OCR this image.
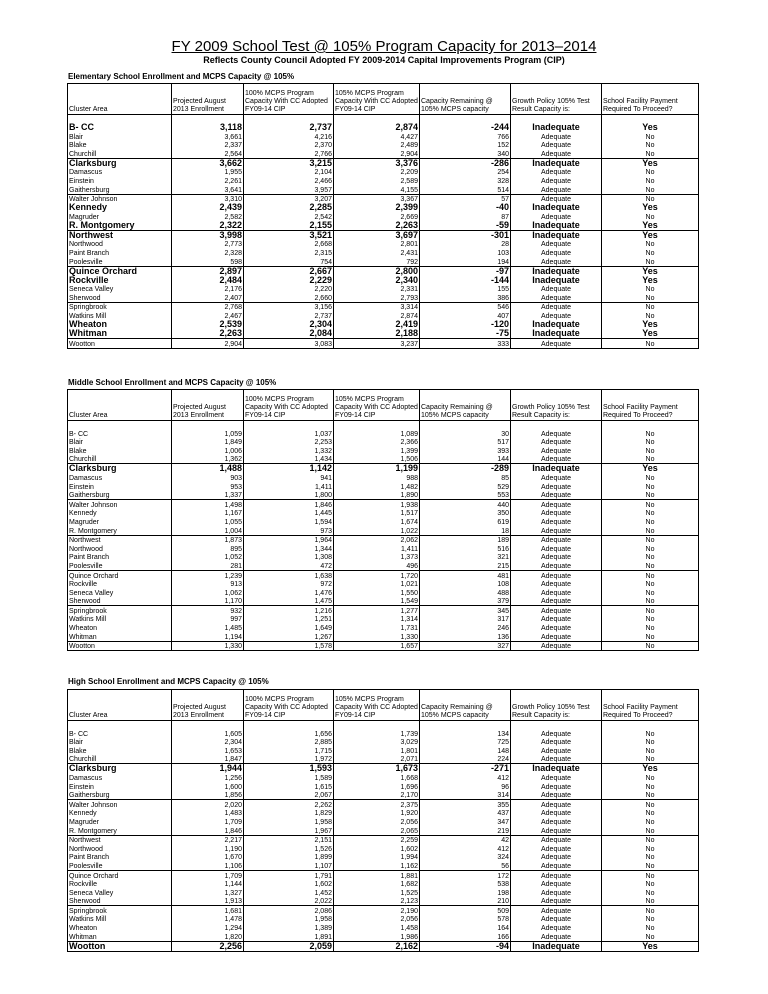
FY 2009 School Test @ 105% Program Capacity for 2013–2014
Reflects County Council Adopted FY 2009-2014 Capital Improvements Program (CIP)
Elementary School Enrollment and MCPS Capacity @ 105%
Cluster Area	Projected August 2013 Enrollment	100% MCPS Program Capacity With CC Adopted FY09-14 CIP	105% MCPS Program Capacity With CC Adopted FY09-14 CIP	Capacity Remaining @ 105% MCPS capacity	Growth Policy 105% Test Result Capacity is:	School Facility Payment Required To Proceed?

B- CC	3,118	2,737	2,874	-244	Inadequate	Yes
Blair	3,661	4,216	4,427	766	Adequate	No
Blake	2,337	2,370	2,489	152	Adequate	No
Churchill	2,564	2,766	2,904	340	Adequate	No
Clarksburg	3,662	3,215	3,376	-286	Inadequate	Yes
Damascus	1,955	2,104	2,209	254	Adequate	No
Einstein	2,261	2,466	2,589	328	Adequate	No
Gaithersburg	3,641	3,957	4,155	514	Adequate	No
Walter Johnson	3,310	3,207	3,367	57	Adequate	No
Kennedy	2,439	2,285	2,399	-40	Inadequate	Yes
Magruder	2,582	2,542	2,669	87	Adequate	No
R. Montgomery	2,322	2,155	2,263	-59	Inadequate	Yes
Northwest	3,998	3,521	3,697	-301	Inadequate	Yes
Northwood	2,773	2,668	2,801	28	Adequate	No
Paint Branch	2,328	2,315	2,431	103	Adequate	No
Poolesville	598	754	792	194	Adequate	No
Quince Orchard	2,897	2,667	2,800	-97	Inadequate	Yes
Rockville	2,484	2,229	2,340	-144	Inadequate	Yes
Seneca Valley	2,176	2,220	2,331	155	Adequate	No
Sherwood	2,407	2,660	2,793	386	Adequate	No
Springbrook	2,768	3,156	3,314	546	Adequate	No
Watkins Mill	2,467	2,737	2,874	407	Adequate	No
Wheaton	2,539	2,304	2,419	-120	Inadequate	Yes
Whitman	2,263	2,084	2,188	-75	Inadequate	Yes
Wootton	2,904	3,083	3,237	333	Adequate	No
Middle School Enrollment and MCPS Capacity @ 105%
Cluster Area	Projected August 2013 Enrollment	100% MCPS Program Capacity With CC Adopted FY09-14 CIP	105% MCPS Program Capacity With CC Adopted FY09-14 CIP	Capacity Remaining @ 105% MCPS capacity	Growth Policy 105% Test Result Capacity is:	School Facility Payment Required To Proceed?

B- CC	1,059	1,037	1,089	30	Adequate	No
Blair	1,849	2,253	2,366	517	Adequate	No
Blake	1,006	1,332	1,399	393	Adequate	No
Churchill	1,362	1,434	1,506	144	Adequate	No
Clarksburg	1,488	1,142	1,199	-289	Inadequate	Yes
Damascus	903	941	988	85	Adequate	No
Einstein	953	1,411	1,482	529	Adequate	No
Gaithersburg	1,337	1,800	1,890	553	Adequate	No
Walter Johnson	1,498	1,846	1,938	440	Adequate	No
Kennedy	1,167	1,445	1,517	350	Adequate	No
Magruder	1,055	1,594	1,674	619	Adequate	No
R. Montgomery	1,004	973	1,022	18	Adequate	No
Northwest	1,873	1,964	2,062	189	Adequate	No
Northwood	895	1,344	1,411	516	Adequate	No
Paint Branch	1,052	1,308	1,373	321	Adequate	No
Poolesville	281	472	496	215	Adequate	No
Quince Orchard	1,239	1,638	1,720	481	Adequate	No
Rockville	913	972	1,021	108	Adequate	No
Seneca Valley	1,062	1,476	1,550	488	Adequate	No
Sherwood	1,170	1,475	1,549	379	Adequate	No
Springbrook	932	1,216	1,277	345	Adequate	No
Watkins Mill	997	1,251	1,314	317	Adequate	No
Wheaton	1,485	1,649	1,731	246	Adequate	No
Whitman	1,194	1,267	1,330	136	Adequate	No
Wootton	1,330	1,578	1,657	327	Adequate	No
High School Enrollment and MCPS Capacity @ 105%
Cluster Area	Projected August 2013 Enrollment	100% MCPS Program Capacity With CC Adopted FY09-14 CIP	105% MCPS Program Capacity With CC Adopted FY09-14 CIP	Capacity Remaining @ 105% MCPS capacity	Growth Policy 105% Test Result Capacity is:	School Facility Payment Required To Proceed?

B- CC	1,605	1,656	1,739	134	Adequate	No
Blair	2,304	2,885	3,029	725	Adequate	No
Blake	1,653	1,715	1,801	148	Adequate	No
Churchill	1,847	1,972	2,071	224	Adequate	No
Clarksburg	1,944	1,593	1,673	-271	Inadequate	Yes
Damascus	1,256	1,589	1,668	412	Adequate	No
Einstein	1,600	1,615	1,696	96	Adequate	No
Gaithersburg	1,856	2,067	2,170	314	Adequate	No
Walter Johnson	2,020	2,262	2,375	355	Adequate	No
Kennedy	1,483	1,829	1,920	437	Adequate	No
Magruder	1,709	1,958	2,056	347	Adequate	No
R. Montgomery	1,846	1,967	2,065	219	Adequate	No
Northwest	2,217	2,151	2,259	42	Adequate	No
Northwood	1,190	1,526	1,602	412	Adequate	No
Paint Branch	1,670	1,899	1,994	324	Adequate	No
Poolesville	1,106	1,107	1,162	56	Adequate	No
Quince Orchard	1,709	1,791	1,881	172	Adequate	No
Rockville	1,144	1,602	1,682	538	Adequate	No
Seneca Valley	1,327	1,452	1,525	198	Adequate	No
Sherwood	1,913	2,022	2,123	210	Adequate	No
Springbrook	1,681	2,086	2,190	509	Adequate	No
Watkins Mill	1,478	1,958	2,056	578	Adequate	No
Wheaton	1,294	1,389	1,458	164	Adequate	No
Whitman	1,820	1,891	1,986	166	Adequate	No
Wootton	2,256	2,059	2,162	-94	Inadequate	Yes
